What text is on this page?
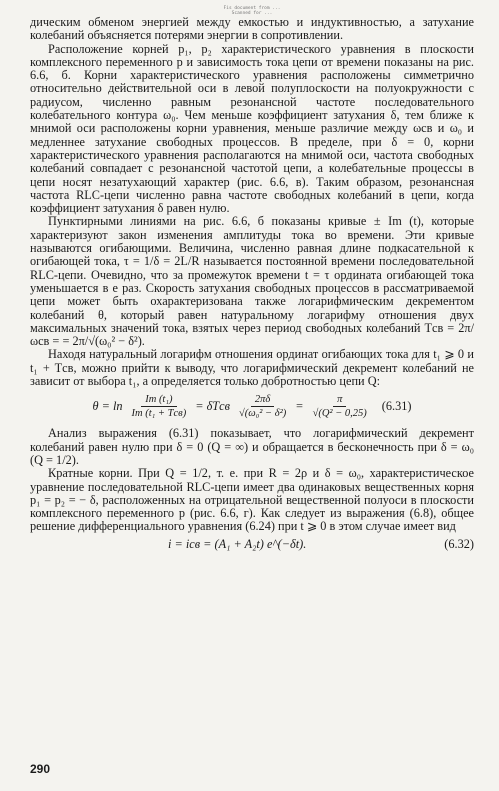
Fis document from ...
Scanned for ...

дическим обменом энергией между емкостью и индуктивностью, а затухание колебаний объясняется потерями энергии в сопротивлении.

Расположение корней p₁, p₂ характеристического уравнения в плоскости комплексного переменного p и зависимость тока цепи от времени показаны на рис. 6.6, б. Корни характеристического уравнения расположены симметрично относительно действительной оси в левой полуплоскости на полуокружности с радиусом, численно равным резонансной частоте последовательного колебательного контура ω₀. Чем меньше коэффициент затухания δ, тем ближе к мнимой оси расположены корни уравнения, меньше различие между ωсв и ω₀ и медленнее затухание свободных процессов. В пределе, при δ = 0, корни характеристического уравнения располагаются на мнимой оси, частота свободных колебаний совпадает с резонансной частотой цепи, а колебательные процессы в цепи носят незатухающий характер (рис. 6.6, в). Таким образом, резонансная частота RLC-цепи численно равна частоте свободных колебаний в цепи, когда коэффициент затухания δ равен нулю.

Пунктирными линиями на рис. 6.6, б показаны кривые ± Im (t), которые характеризуют закон изменения амплитуды тока во времени. Эти кривые называются огибающими. Величина, численно равная длине подкасательной к огибающей тока, τ = 1/δ = 2L/R называется постоянной времени последовательной RLC-цепи. Очевидно, что за промежуток времени t = τ ордината огибающей тока уменьшается в e раз. Скорость затухания свободных процессов в рассматриваемой цепи может быть охарактеризована также логарифмическим декрементом колебаний θ, который равен натуральному логарифму отношения двух максимальных значений тока, взятых через период свободных колебаний Tсв = 2π/ωсв = = 2π/√(ω₀² − δ²).

Находя натуральный логарифм отношения ординат огибающих тока для t₁ ⩾ 0 и t₁ + Tсв, можно прийти к выводу, что логарифмический декремент колебаний не зависит от выбора t₁, а определяется только добротностью цепи Q:

θ = ln	Im (t₁)
Im (t₁ + Tсв)
= δTсв $\frac{2\pi\delta}{\text{√(ω₀² − δ²)}} = \frac{\pi}{\text{√(Q² − 0,25)}} (6.31)$

Анализ выражения (6.31) показывает, что логарифмический декремент колебаний равен нулю при δ = 0 (Q = ∞) и обращается в бесконечность при δ = ω₀ (Q = 1/2).

Кратные корни. При Q = 1/2, т. е. при R = 2ρ и δ = ω₀, характеристическое уравнение последовательной RLC-цепи имеет два одинаковых вещественных корня p₁ = p₂ = − δ, расположенных на отрицательной вещественной полуоси в плоскости комплексного переменного p (рис. 6.6, г). Как следует из выражения (6.8), общее решение дифференциального уравнения (6.24) при t ⩾ 0 в этом случае имеет вид

i = iсв = (A₁ + A₂t) e^(−δt).	(6.32)
290
